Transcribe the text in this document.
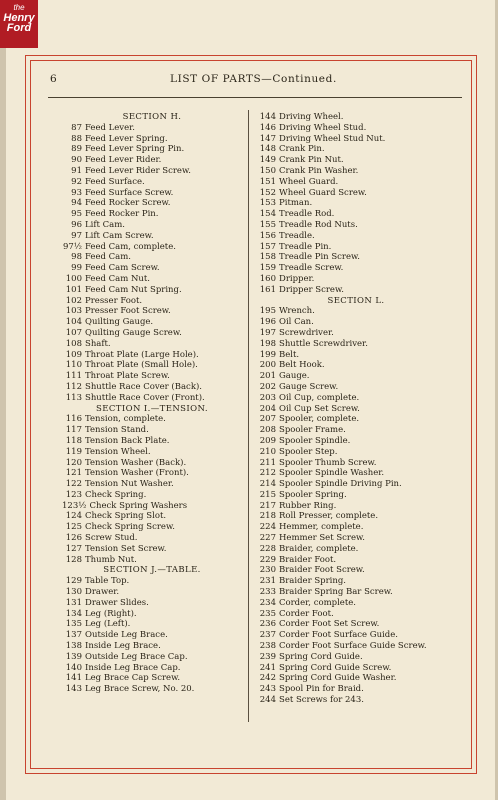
the
Henry
Ford
6	LIST OF PARTS—Continued.
SECTION H.
87 Feed Lever.
88 Feed Lever Spring.
89 Feed Lever Spring Pin.
90 Feed Lever Rider.
91 Feed Lever Rider Screw.
92 Feed Surface.
93 Feed Surface Screw.
94 Feed Rocker Screw.
95 Feed Rocker Pin.
96 Lift Cam.
97 Lift Cam Screw.
97½ Feed Cam, complete.
98 Feed Cam.
99 Feed Cam Screw.
100 Feed Cam Nut.
101 Feed Cam Nut Spring.
102 Presser Foot.
103 Presser Foot Screw.
104 Quilting Gauge.
107 Quilting Gauge Screw.
108 Shaft.
109 Throat Plate (Large Hole).
110 Throat Plate (Small Hole).
111 Throat Plate Screw.
112 Shuttle Race Cover (Back).
113 Shuttle Race Cover (Front).
SECTION I.—TENSION.
116 Tension, complete.
117 Tension Stand.
118 Tension Back Plate.
119 Tension Wheel.
120 Tension Washer (Back).
121 Tension Washer (Front).
122 Tension Nut Washer.
123 Check Spring.
123½ Check Spring Washers
124 Check Spring Slot.
125 Check Spring Screw.
126 Screw Stud.
127 Tension Set Screw.
128 Thumb Nut.
SECTION J.—TABLE.
129 Table Top.
130 Drawer.
131 Drawer Slides.
134 Leg (Right).
135 Leg (Left).
137 Outside Leg Brace.
138 Inside Leg Brace.
139 Outside Leg Brace Cap.
140 Inside Leg Brace Cap.
141 Leg Brace Cap Screw.
143 Leg Brace Screw, No. 20.
144 Driving Wheel.
146 Driving Wheel Stud.
147 Driving Wheel Stud Nut.
148 Crank Pin.
149 Crank Pin Nut.
150 Crank Pin Washer.
151 Wheel Guard.
152 Wheel Guard Screw.
153 Pitman.
154 Treadle Rod.
155 Treadle Rod Nuts.
156 Treadle.
157 Treadle Pin.
158 Treadle Pin Screw.
159 Treadle Screw.
160 Dripper.
161 Dripper Screw.
SECTION L.
195 Wrench.
196 Oil Can.
197 Screwdriver.
198 Shuttle Screwdriver.
199 Belt.
200 Belt Hook.
201 Gauge.
202 Gauge Screw.
203 Oil Cup, complete.
204 Oil Cup Set Screw.
207 Spooler, complete.
208 Spooler Frame.
209 Spooler Spindle.
210 Spooler Step.
211 Spooler Thumb Screw.
212 Spooler Spindle Washer.
214 Spooler Spindle Driving Pin.
215 Spooler Spring.
217 Rubber Ring.
218 Roll Presser, complete.
224 Hemmer, complete.
227 Hemmer Set Screw.
228 Braider, complete.
229 Braider Foot.
230 Braider Foot Screw.
231 Braider Spring.
233 Braider Spring Bar Screw.
234 Corder, complete.
235 Corder Foot.
236 Corder Foot Set Screw.
237 Corder Foot Surface Guide.
238 Corder Foot Surface Guide Screw.
239 Spring Cord Guide.
241 Spring Cord Guide Screw.
242 Spring Cord Guide Washer.
243 Spool Pin for Braid.
244 Set Screws for 243.
